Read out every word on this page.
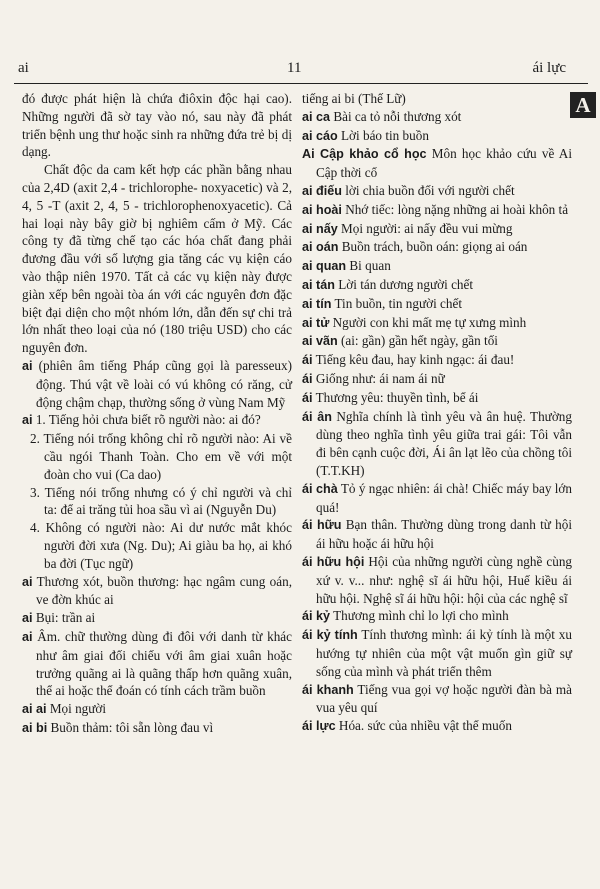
ai	11	ái lực
A

đó được phát hiện là chứa điôxin độc hại cao). Những người đã sờ tay vào nó, sau này đã phát triển bệnh ung thư hoặc sinh ra những đứa trẻ bị dị dạng.

Chất độc da cam kết hợp các phần bằng nhau của 2,4D (axit 2,4 - trichlorophe- noxyacetic) và 2, 4, 5 -T (axit 2, 4, 5 - trichlorophenoxyacetic). Cả hai loại này bây giờ bị nghiêm cấm ở Mỹ. Các công ty đã từng chế tạo các hóa chất đang phải đương đầu với số lượng gia tăng các vụ kiện cáo vào thập niên 1970. Tất cả các vụ kiện này được giàn xếp bên ngoài tòa án với các nguyên đơn đặc biệt đại diện cho một nhóm lớn, dẫn đến sự chi trả lớn nhất theo loại của nó (180 triệu USD) cho các nguyên đơn.

ai (phiên âm tiếng Pháp cũng gọi là paresseux) động. Thú vật về loài có vú không có răng, cử động chậm chạp, thường sống ở vùng Nam Mỹ

ai 1. Tiếng hỏi chưa biết rõ người nào: ai đó?

2. Tiếng nói trống không chỉ rõ người nào: Ai về cầu ngói Thanh Toàn. Cho em về với một đoàn cho vui (Ca dao)

3. Tiếng nói trống nhưng có ý chỉ người và chỉ ta: để ai trăng tủi hoa sầu vì ai (Nguyễn Du)

4. Không có người nào: Ai dư nước mắt khóc người đời xưa (Ng. Du); Ai giàu ba họ, ai khó ba đời (Tục ngữ)

ai Thương xót, buồn thương: hạc ngâm cung oán, ve đờn khúc ai

ai Bụi: trần ai

ai Âm. chữ thường dùng đi đôi với danh từ khác như âm giai đối chiếu với âm giai xuân hoặc trưởng quãng ai là quãng thấp hơn quãng xuân, thể ai hoặc thể đoán có tính cách trầm buồn

ai ai Mọi người

ai bi Buồn thảm: tôi sẵn lòng đau vì

tiếng ai bi (Thế Lữ)

ai ca Bài ca tỏ nỗi thương xót

ai cáo Lời báo tin buồn

Ai Cập khảo cổ học Môn học khảo cứu về Ai Cập thời cổ

ai điếu lời chia buồn đối với người chết

ai hoài Nhớ tiếc: lòng nặng những ai hoài khôn tả

ai nấy Mọi người: ai nấy đều vui mừng

ai oán Buồn trách, buồn oán: giọng ai oán

ai quan Bi quan

ai tán Lời tán dương người chết

ai tín Tin buồn, tin người chết

ai tử Người con khi mất mẹ tự xưng mình

ai vãn (ai: gần) gần hết ngày, gần tối

ái Tiếng kêu đau, hay kinh ngạc: ái đau!

ái Giống như: ái nam ái nữ

ái Thương yêu: thuyền tình, bể ái

ái ân Nghĩa chính là tình yêu và ân huệ. Thường dùng theo nghĩa tình yêu giữa trai gái: Tôi vẫn đi bên cạnh cuộc đời, Ái ân lạt lẽo của chồng tôi (T.T.KH)

ái chà Tỏ ý ngạc nhiên: ái chà! Chiếc máy bay lớn quá!

ái hữu Bạn thân. Thường dùng trong danh từ hội ái hữu hoặc ái hữu hội

ái hữu hội Hội của những người cùng nghề cùng xứ v. v... như: nghệ sĩ ái hữu hội, Huế kiều ái hữu hội. Nghệ sĩ ái hữu hội: hội của các nghệ sĩ

ái kỷ Thương mình chỉ lo lợi cho mình

ái kỷ tính Tính thương mình: ái kỷ tính là một xu hướng tự nhiên của một vật muốn gìn giữ sự sống của mình và phát triển thêm

ái khanh Tiếng vua gọi vợ hoặc người đàn bà mà vua yêu quí

ái lực Hóa. sức của nhiều vật thể muốn
